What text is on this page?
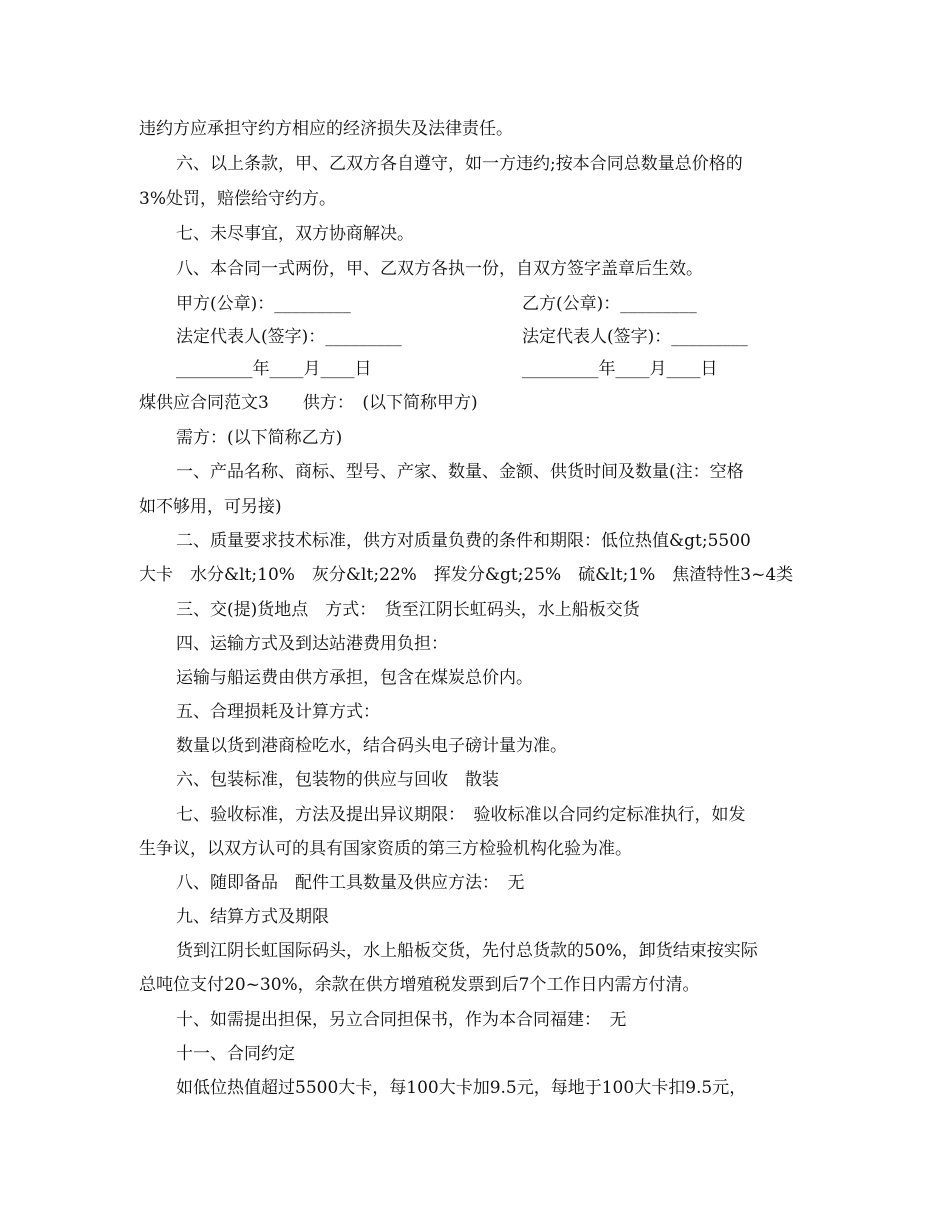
违约方应承担守约方相应的经济损失及法律责任。
六、以上条款，甲、乙双方各自遵守，如一方违约;按本合同总数量总价格的
3%处罚，赔偿给守约方。
七、未尽事宜，双方协商解决。
八、本合同一式两份，甲、乙双方各执一份，自双方签字盖章后生效。
甲方(公章)：_________	乙方(公章)：_________
法定代表人(签字)：_________	法定代表人(签字)：_________
_________年____月____日	_________年____月____日
煤供应合同范文3　　供方：　(以下简称甲方)
需方：(以下简称乙方)
一、产品名称、商标、型号、产家、数量、金额、供货时间及数量(注：空格
如不够用，可另接)
二、质量要求技术标准，供方对质量负费的条件和期限：低位热值&gt;5500
大卡　水分&lt;10%　灰分&lt;22%　挥发分&gt;25%　硫&lt;1%　焦渣特性3~4类
三、交(提)货地点　方式：　货至江阴长虹码头，水上船板交货
四、运输方式及到达站港费用负担：
运输与船运费由供方承担，包含在煤炭总价内。
五、合理损耗及计算方式：
数量以货到港商检吃水，结合码头电子磅计量为准。
六、包装标准，包装物的供应与回收　散装
七、验收标准，方法及提出异议期限：　验收标准以合同约定标准执行，如发
生争议，以双方认可的具有国家资质的第三方检验机构化验为准。
八、随即备品　配件工具数量及供应方法：　无
九、结算方式及期限
货到江阴长虹国际码头，水上船板交货，先付总货款的50%，卸货结束按实际
总吨位支付20~30%，余款在供方增殖税发票到后7个工作日内需方付清。
十、如需提出担保，另立合同担保书，作为本合同福建：　无
十一、合同约定
如低位热值超过5500大卡，每100大卡加9.5元，每地于100大卡扣9.5元，
